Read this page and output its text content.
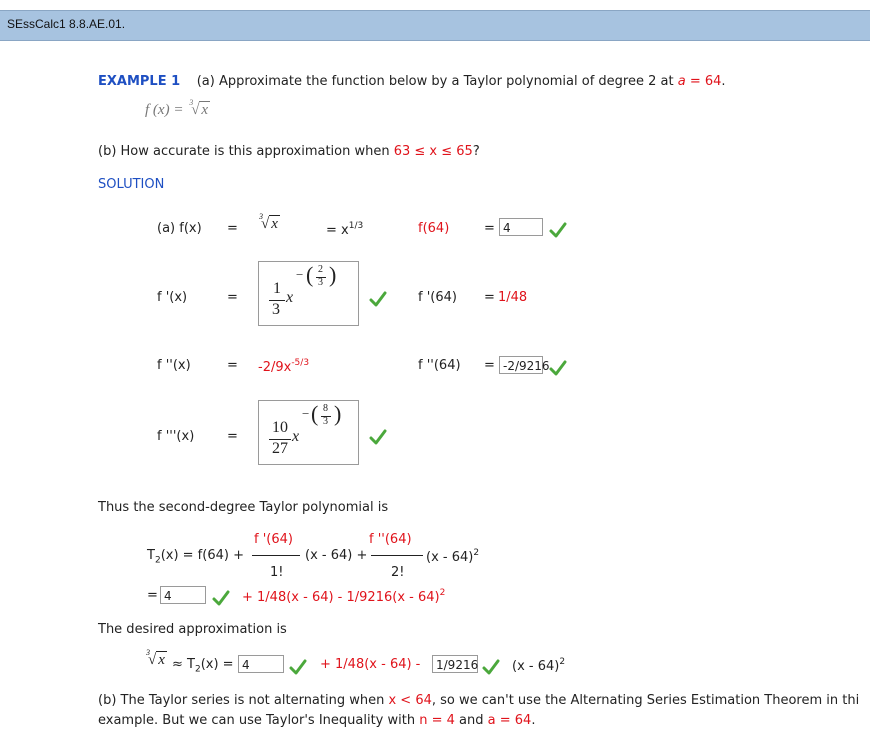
SEssCalc1 8.8.AE.01.
EXAMPLE 1 (a) Approximate the function below by a Taylor polynomial of degree 2 at a = 64.
f (x) = 3
√ x
(b) How accurate is this approximation when 63 ≤ x ≤ 65?
SOLUTION
(a) f(x) =
3
√ x	= $x^{1/3}$	f(64)	= 4
f '(x)	=
1
3
x
− ( 2
3 )
f '(64) = 1/48
f ''(x)	= $-2/9x^{-5/3}$	f ''(64) = -2/9216
f '''(x)	=
10
27
x
− ( 8
3 )
Thus the second-degree Taylor polynomial is
f '(64)
1!
f ''(64)
2!
$T_2(x) = f(64)$ +	(x - 64) +	(x - 64)$^2$
= 4	+ 1/48(x - 64) - 1/9216(x - 64)$^2$
The desired approximation is
3
√ $x \approx T_2(x) = 4$	+ 1/48(x - 64) -	1/9216	(x - 64)$^2$
(b) The Taylor series is not alternating when x < 64, so we can't use the Alternating Series Estimation Theorem in thi
example. But we can use Taylor's Inequality with n = 4 and a = 64.
